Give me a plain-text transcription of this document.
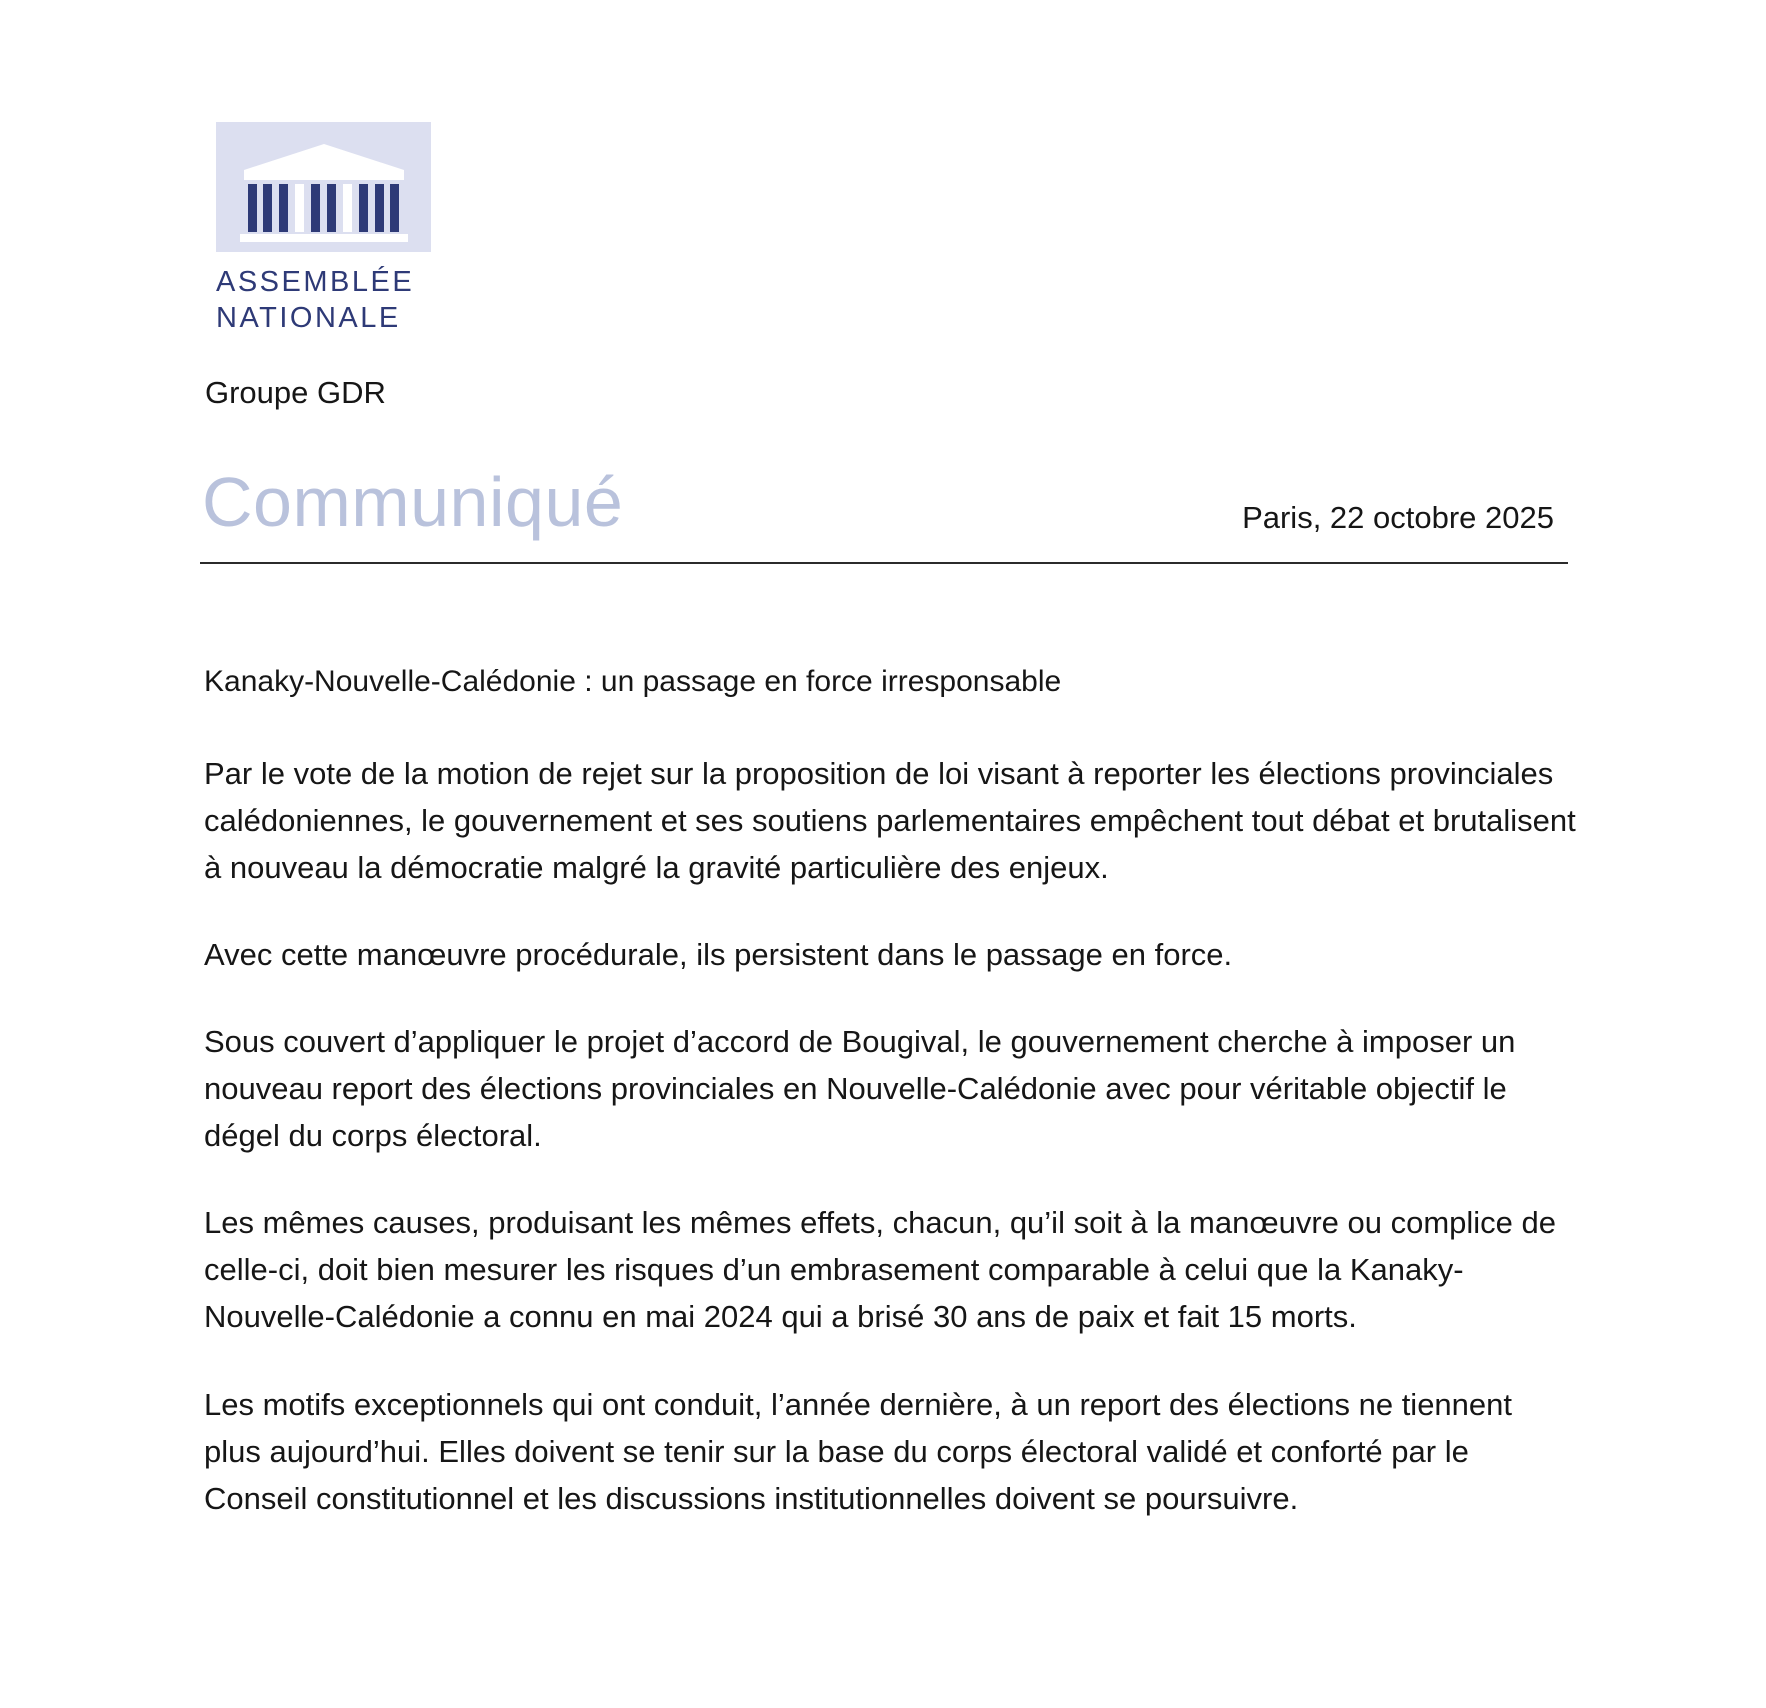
ASSEMBLÉE
NATIONALE
Groupe GDR
Communiqué	Paris, 22 octobre 2025

Kanaky-Nouvelle-Calédonie : un passage en force irresponsable

Par le vote de la motion de rejet sur la proposition de loi visant à reporter les élections provinciales calédoniennes, le gouvernement et ses soutiens parlementaires empêchent tout débat et brutalisent à nouveau la démocratie malgré la gravité particulière des enjeux.

Avec cette manœuvre procédurale, ils persistent dans le passage en force.

Sous couvert d’appliquer le projet d’accord de Bougival, le gouvernement cherche à imposer un nouveau report des élections provinciales en Nouvelle-Calédonie avec pour véritable objectif le dégel du corps électoral.

Les mêmes causes, produisant les mêmes effets, chacun, qu’il soit à la manœuvre ou complice de celle-ci, doit bien mesurer les risques d’un embrasement comparable à celui que la Kanaky-Nouvelle-Calédonie a connu en mai 2024 qui a brisé 30 ans de paix et fait 15 morts.

Les motifs exceptionnels qui ont conduit, l’année dernière, à un report des élections ne tiennent plus aujourd’hui. Elles doivent se tenir sur la base du corps électoral validé et conforté par le Conseil constitutionnel et les discussions institutionnelles doivent se poursuivre.
